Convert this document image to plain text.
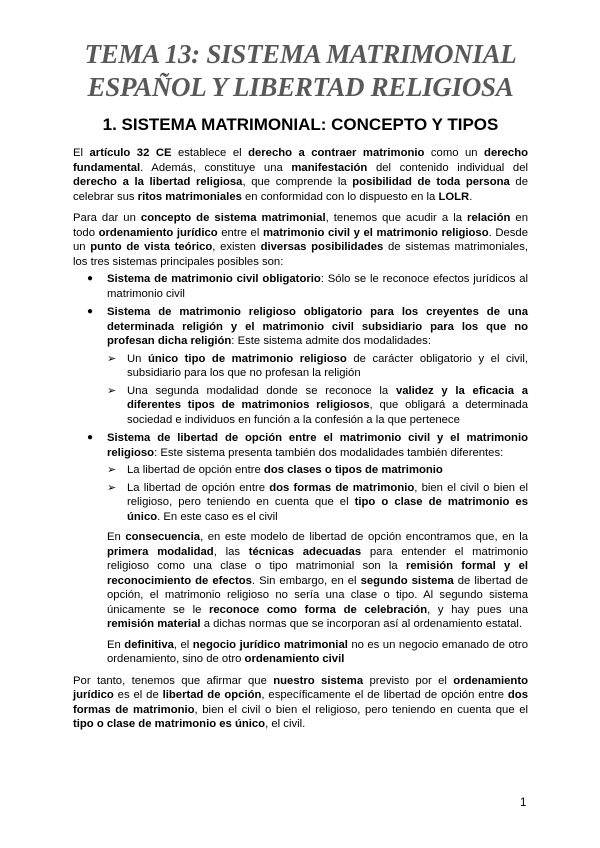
TEMA 13: SISTEMA MATRIMONIAL
ESPAÑOL Y LIBERTAD RELIGIOSA
1. SISTEMA MATRIMONIAL: CONCEPTO Y TIPOS

El artículo 32 CE establece el derecho a contraer matrimonio como un derecho fundamental. Además, constituye una manifestación del contenido individual del derecho a la libertad religiosa, que comprende la posibilidad de toda persona de celebrar sus ritos matrimoniales en conformidad con lo dispuesto en la LOLR.

Para dar un concepto de sistema matrimonial, tenemos que acudir a la relación en todo ordenamiento jurídico entre el matrimonio civil y el matrimonio religioso. Desde un punto de vista teórico, existen diversas posibilidades de sistemas matrimoniales, los tres sistemas principales posibles son:

● Sistema de matrimonio civil obligatorio: Sólo se le reconoce efectos jurídicos al matrimonio civil
● Sistema de matrimonio religioso obligatorio para los creyentes de una determinada religión y el matrimonio civil subsidiario para los que no profesan dicha religión: Este sistema admite dos modalidades:
➢ Un único tipo de matrimonio religioso de carácter obligatorio y el civil, subsidiario para los que no profesan la religión
➢ Una segunda modalidad donde se reconoce la validez y la eficacia a diferentes tipos de matrimonios religiosos, que obligará a determinada sociedad e individuos en función a la confesión a la que pertenece
● Sistema de libertad de opción entre el matrimonio civil y el matrimonio religioso: Este sistema presenta también dos modalidades también diferentes:
➢ La libertad de opción entre dos clases o tipos de matrimonio
➢ La libertad de opción entre dos formas de matrimonio, bien el civil o bien el religioso, pero teniendo en cuenta que el tipo o clase de matrimonio es único. En este caso es el civil

En consecuencia, en este modelo de libertad de opción encontramos que, en la primera modalidad, las técnicas adecuadas para entender el matrimonio religioso como una clase o tipo matrimonial son la remisión formal y el reconocimiento de efectos. Sin embargo, en el segundo sistema de libertad de opción, el matrimonio religioso no sería una clase o tipo. Al segundo sistema únicamente se le reconoce como forma de celebración, y hay pues una remisión material a dichas normas que se incorporan así al ordenamiento estatal.

En definitiva, el negocio jurídico matrimonial no es un negocio emanado de otro ordenamiento, sino de otro ordenamiento civil

Por tanto, tenemos que afirmar que nuestro sistema previsto por el ordenamiento jurídico es el de libertad de opción, específicamente el de libertad de opción entre dos formas de matrimonio, bien el civil o bien el religioso, pero teniendo en cuenta que el tipo o clase de matrimonio es único, el civil.

1
